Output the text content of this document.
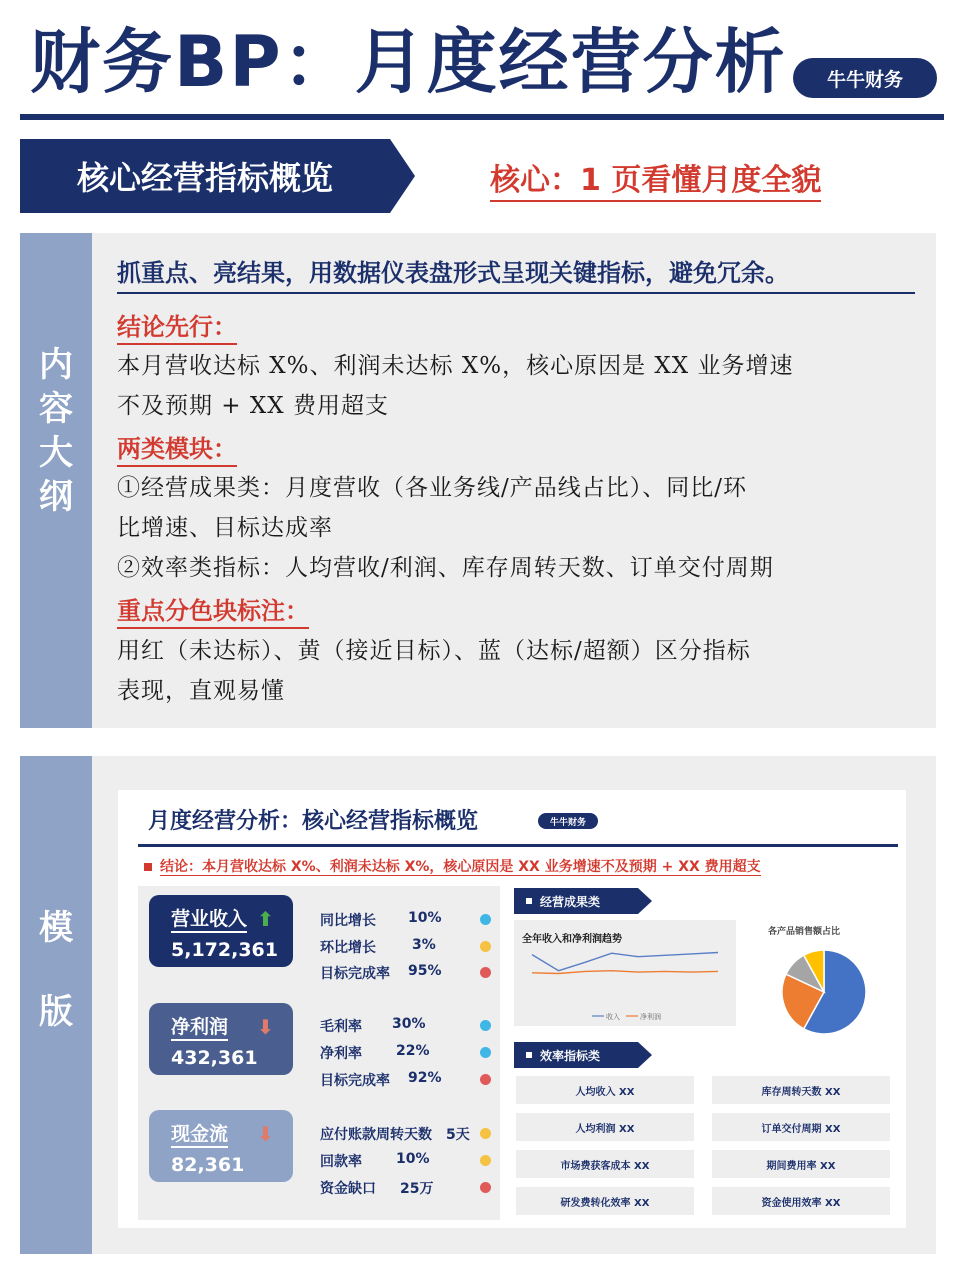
财务BP：月度经营分析	牛牛财务
核心经营指标概览	核心：1 页看懂月度全貌
内
容
大
纲
抓重点、亮结果，用数据仪表盘形式呈现关键指标，避免冗余。
结论先行：
本月营收达标 X%、利润未达标 X%，核心原因是 XX 业务增速
不及预期 + XX 费用超支
两类模块：
①经营成果类：月度营收（各业务线/产品线占比）、同比/环
比增速、目标达成率
②效率类指标：人均营收/利润、库存周转天数、订单交付周期
重点分色块标注：
用红（未达标）、黄（接近目标）、蓝（达标/超额）区分指标
表现，直观易懂
模
版
月度经营分析：核心经营指标概览	牛牛财务
结论：本月营收达标 X%、利润未达标 X%，核心原因是 XX 业务增速不及预期 + XX 费用超支
营业收入 ⬆
5,172,361
同比增长 10%
环比增长	3%
目标完成率 95%
净利润 ⬇
432,361
毛利率 30%
净利率 22%
目标完成率 92%
现金流 ⬇
82,361
应付账款周转天数 5天
回款率 10%
资金缺口 25万
经营成果类
全年收入和净利润趋势
收入	净利润
各产品销售额占比
效率指标类
人均收入 XX	库存周转天数 XX
人均利润 XX	订单交付周期 XX
市场费获客成本 XX	期间费用率 XX
研发费转化效率 XX	资金使用效率 XX
